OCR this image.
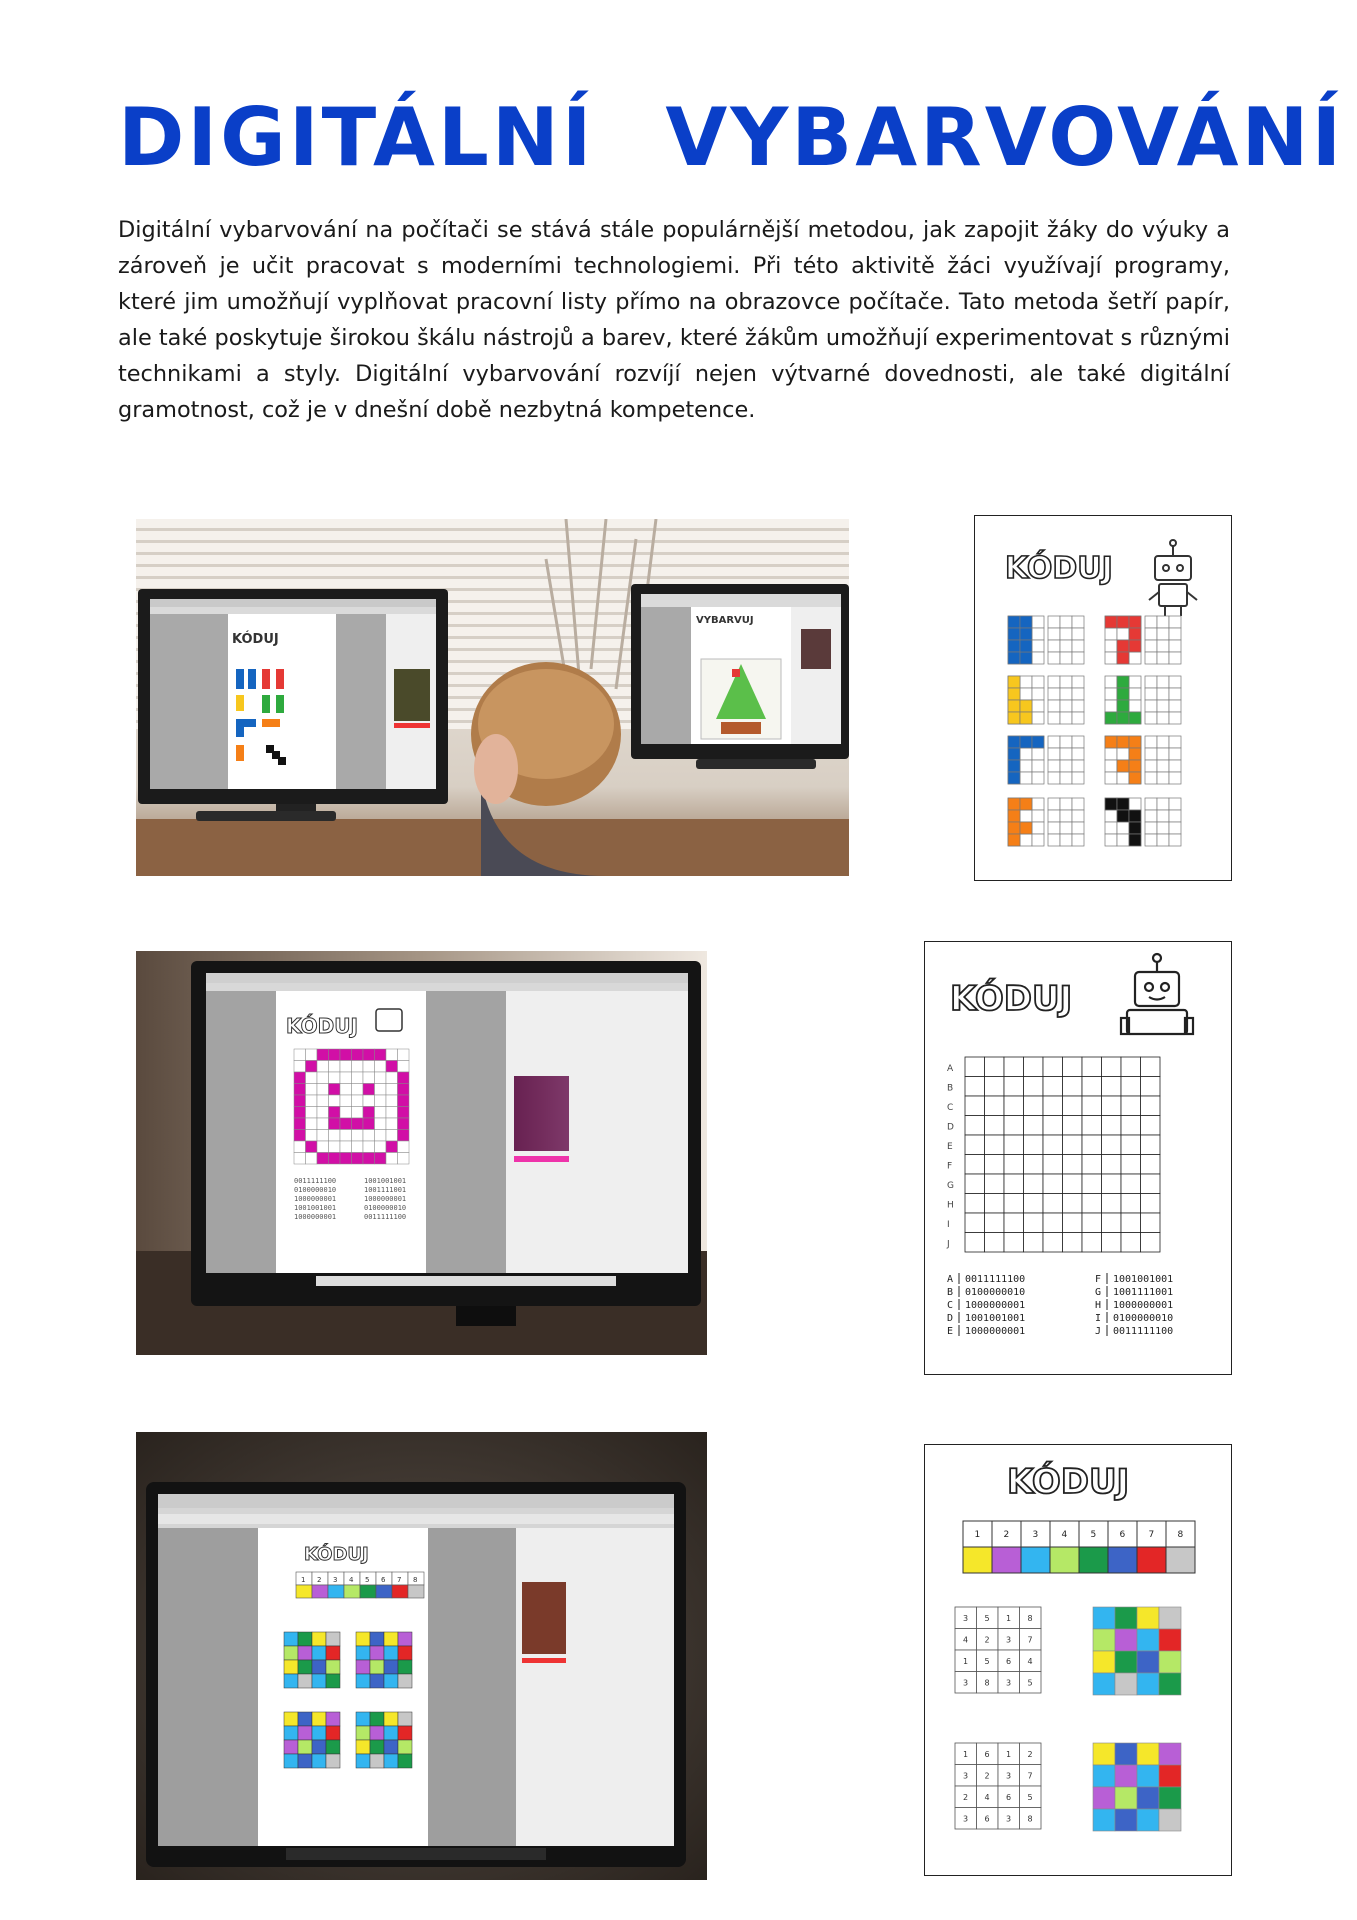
DIGITÁLNÍ VYBARVOVÁNÍ

Digitální vybarvování na počítači se stává stále populárnější metodou, jak zapojit žáky do výuky a zároveň je učit pracovat s moderními technologiemi. Při této aktivitě žáci využívají programy, které jim umožňují vyplňovat pracovní listy přímo na obrazovce počítače. Tato metoda šetří papír, ale také poskytuje širokou škálu nástrojů a barev, které žákům umožňují experimentovat s různými technikami a styly. Digitální vybarvování rozvíjí nejen výtvarné dovednosti, ale také digitální gramotnost, což je v dnešní době nezbytná kompetence.

KÓDUJ
VYBARVUJ
KÓDUJ
KÓDUJ
0011111100
0100000010
1000000001
1001001001
1000000001
1001001001
1001111001
1000000001
0100000010
0011111100
KÓDUJ
A
B
C
D
E
F
G
H
I
J
A 0011111100
B 0100000010
C 1000000001
D 1001001001
E 1000000001
F 1001001001
G 1001111001
H 1000000001
I 0100000010
J 0011111100
KÓDUJ
1 2 3 4 5 6 7 8
KÓDUJ
1	2	3	4	5	6	7	8
3 5 1 8
4 2 3 7
1 5 6 4
3 8 3 5
1 6 1 2
3 2 3 7
2 4 6 5
3 6 3 8
